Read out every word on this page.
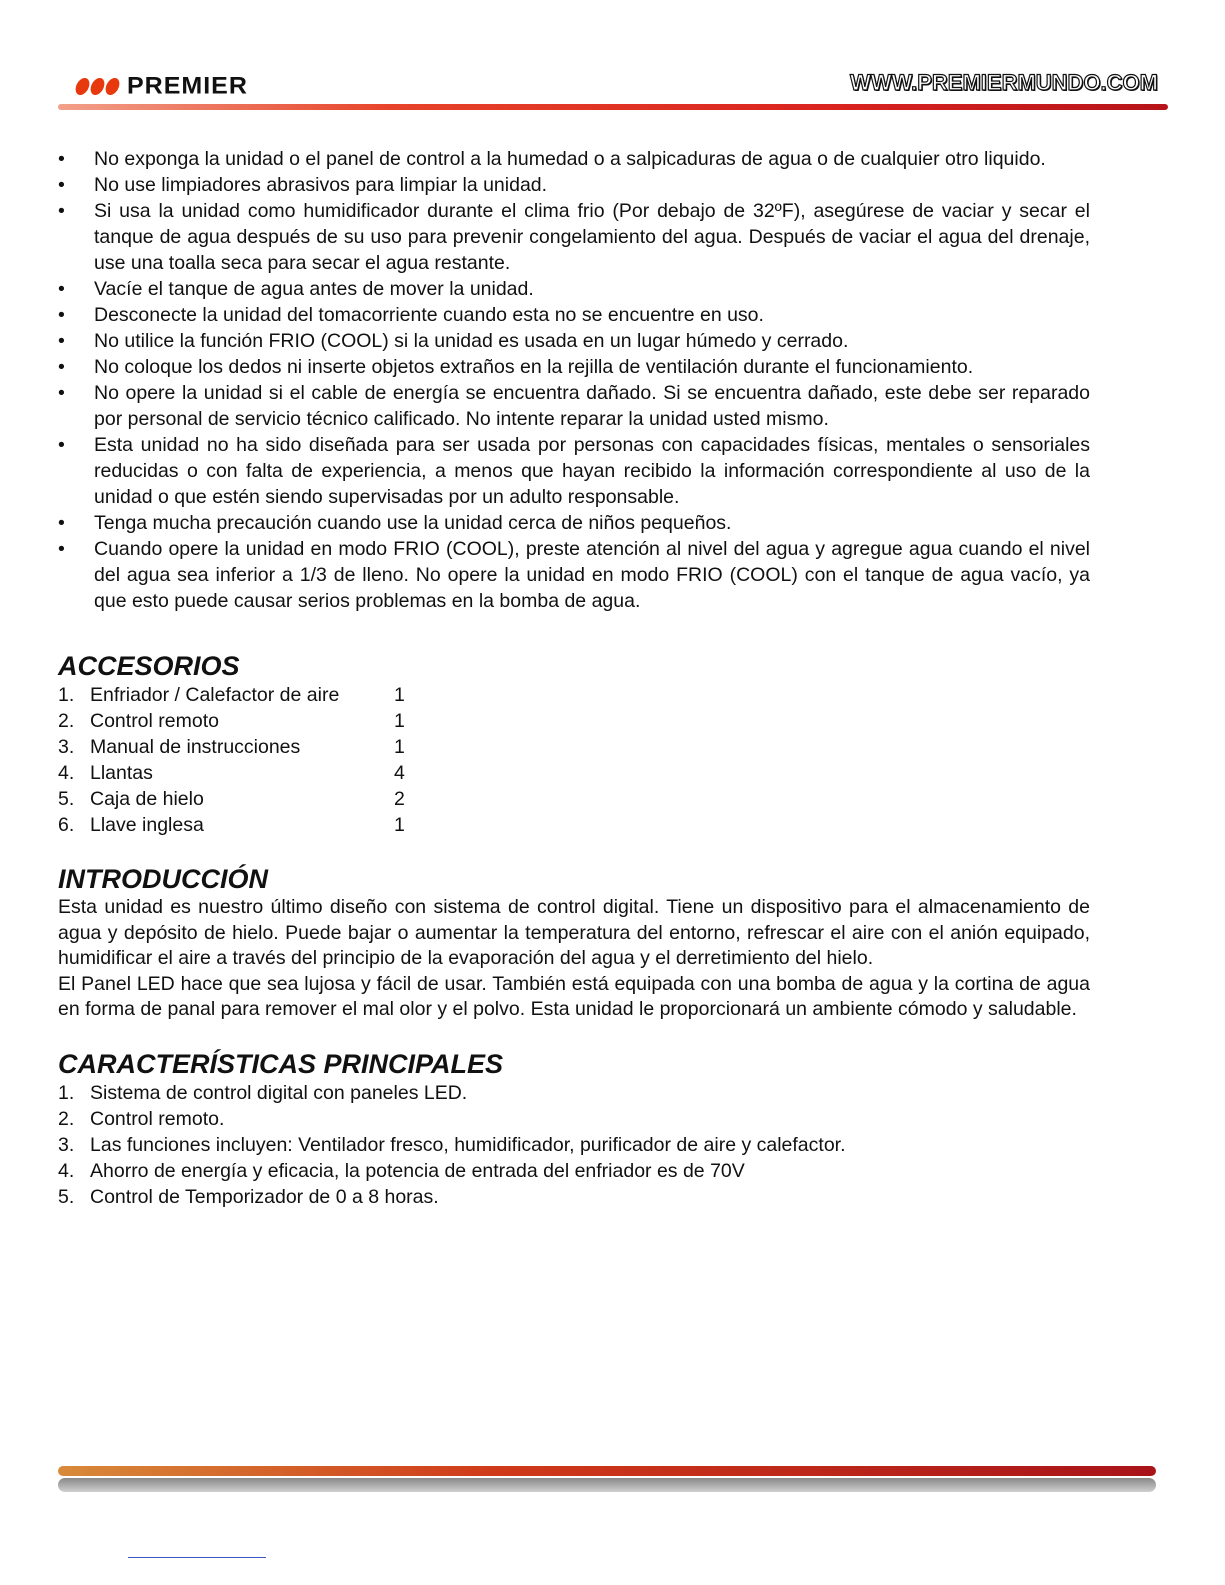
PREMIER	WWW.PREMIERMUNDO.COM
• No exponga la unidad o el panel de control a la humedad o a salpicaduras de agua o de cualquier otro liquido.
• No use limpiadores abrasivos para limpiar la unidad.
• Si usa la unidad como humidificador durante el clima frio (Por debajo de 32ºF), asegúrese de vaciar y secar el tanque de agua después de su uso para prevenir congelamiento del agua. Después de vaciar el agua del drenaje, use una toalla seca para secar el agua restante.
• Vacíe el tanque de agua antes de mover la unidad.
• Desconecte la unidad del tomacorriente cuando esta no se encuentre en uso.
• No utilice la función FRIO (COOL) si la unidad es usada en un lugar húmedo y cerrado.
• No coloque los dedos ni inserte objetos extraños en la rejilla de ventilación durante el funcionamiento.
• No opere la unidad si el cable de energía se encuentra dañado. Si se encuentra dañado, este debe ser reparado por personal de servicio técnico calificado. No intente reparar la unidad usted mismo.
• Esta unidad no ha sido diseñada para ser usada por personas con capacidades físicas, mentales o sensoriales reducidas o con falta de experiencia, a menos que hayan recibido la información correspondiente al uso de la unidad o que estén siendo supervisadas por un adulto responsable.
• Tenga mucha precaución cuando use la unidad cerca de niños pequeños.
• Cuando opere la unidad en modo FRIO (COOL), preste atención al nivel del agua y agregue agua cuando el nivel del agua sea inferior a 1/3 de lleno. No opere la unidad en modo FRIO (COOL) con el tanque de agua vacío, ya que esto puede causar serios problemas en la bomba de agua.
ACCESORIOS
1. Enfriador / Calefactor de aire	1
2. Control remoto	1
3. Manual de instrucciones	1
4. Llantas	4
5. Caja de hielo	2
6. Llave inglesa	1
INTRODUCCIÓN

Esta unidad es nuestro último diseño con sistema de control digital. Tiene un dispositivo para el almacenamiento de agua y depósito de hielo. Puede bajar o aumentar la temperatura del entorno, refrescar el aire con el anión equipado, humidificar el aire a través del principio de la evaporación del agua y el derretimiento del hielo.

El Panel LED hace que sea lujosa y fácil de usar. También está equipada con una bomba de agua y la cortina de agua en forma de panal para remover el mal olor y el polvo. Esta unidad le proporcionará un ambiente cómodo y saludable.

CARACTERÍSTICAS PRINCIPALES
1. Sistema de control digital con paneles LED.
2. Control remoto.
3. Las funciones incluyen: Ventilador fresco, humidificador, purificador de aire y calefactor.
4. Ahorro de energía y eficacia, la potencia de entrada del enfriador es de 70V
5. Control de Temporizador de 0 a 8 horas.
